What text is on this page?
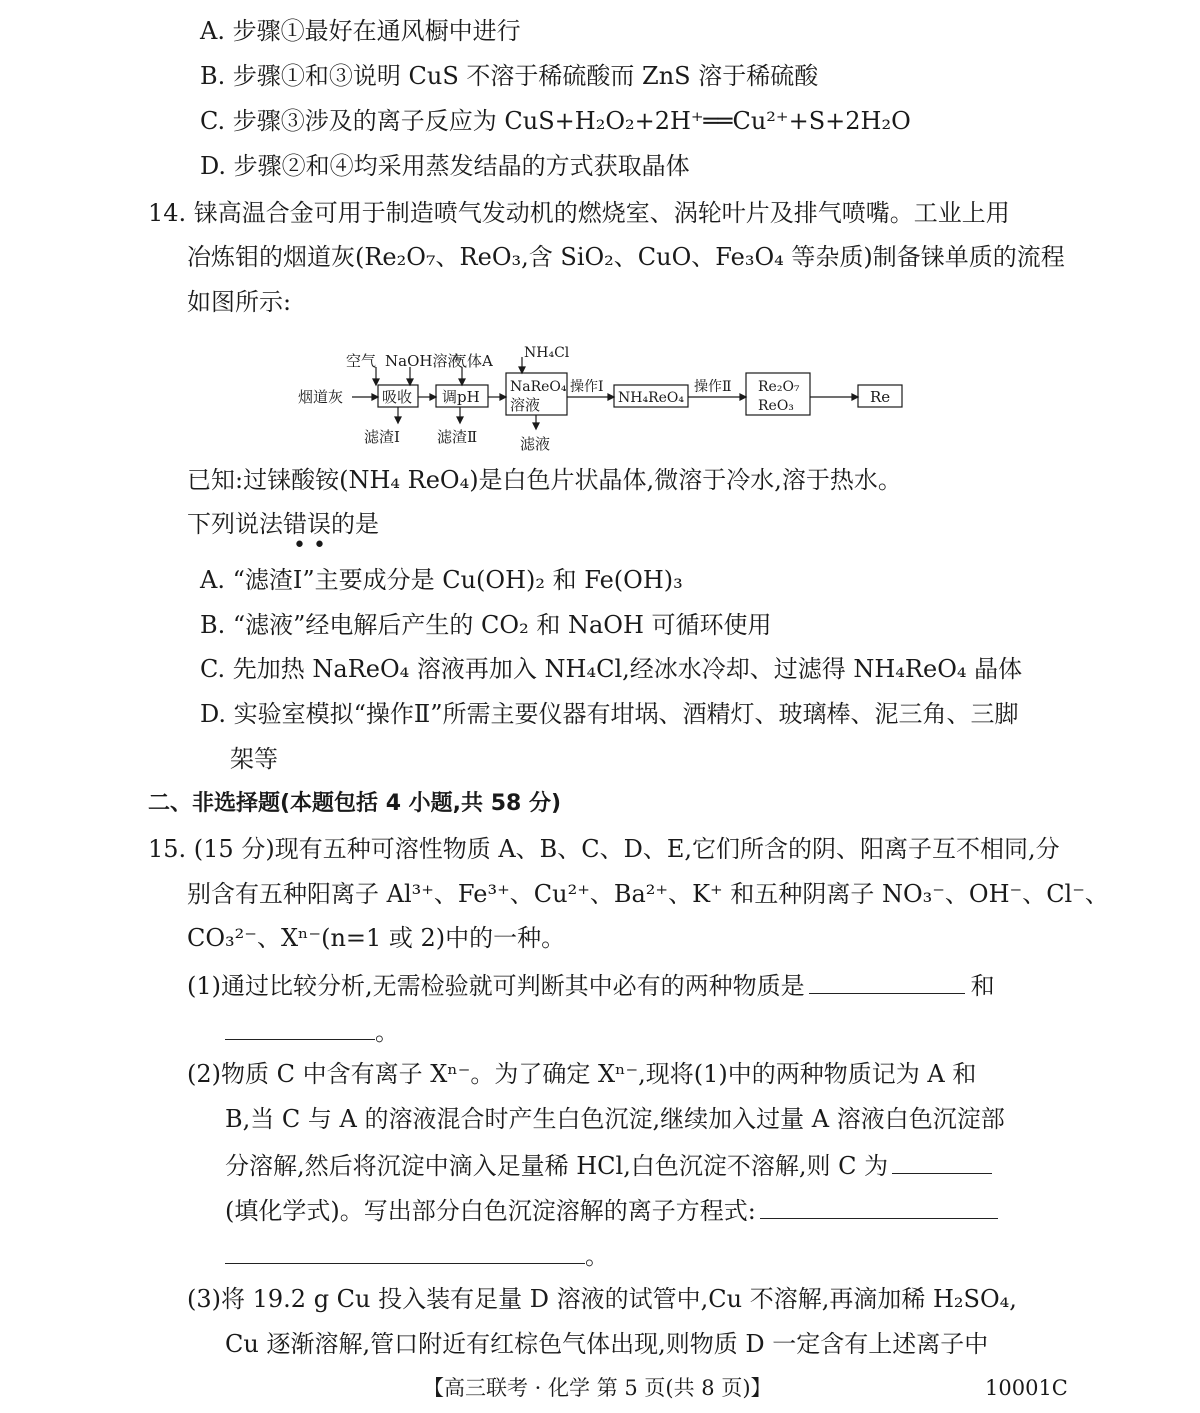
A. 步骤①最好在通风橱中进行
B. 步骤①和③说明 CuS 不溶于稀硫酸而 ZnS 溶于稀硫酸
C. 步骤③涉及的离子反应为 CuS+H₂O₂+2H⁺══Cu²⁺+S+2H₂O
D. 步骤②和④均采用蒸发结晶的方式获取晶体
14. 铼高温合金可用于制造喷气发动机的燃烧室、涡轮叶片及排气喷嘴。工业上用
冶炼钼的烟道灰(Re₂O₇、ReO₃,含 SiO₂、CuO、Fe₃O₄ 等杂质)制备铼单质的流程
如图所示:
空气 NaOH溶液
气体A NH₄Cl
烟道灰	吸收 调pH
NaReO₄
溶液
操作Ⅰ
NH₄ReO₄
操作Ⅱ Re₂O₇
ReO₃	Re
滤渣Ⅰ 滤渣Ⅱ	滤液
已知:过铼酸铵(NH₄ ReO₄)是白色片状晶体,微溶于冷水,溶于热水。
下列说法错误的是
• •
A. “滤渣Ⅰ”主要成分是 Cu(OH)₂ 和 Fe(OH)₃
B. “滤液”经电解后产生的 CO₂ 和 NaOH 可循环使用
C. 先加热 NaReO₄ 溶液再加入 NH₄Cl,经冰水冷却、过滤得 NH₄ReO₄ 晶体
D. 实验室模拟“操作Ⅱ”所需主要仪器有坩埚、酒精灯、玻璃棒、泥三角、三脚
架等
二、非选择题(本题包括 4 小题,共 58 分)
15. (15 分)现有五种可溶性物质 A、B、C、D、E,它们所含的阴、阳离子互不相同,分
别含有五种阳离子 Al³⁺、Fe³⁺、Cu²⁺、Ba²⁺、K⁺ 和五种阴离子 NO₃⁻、OH⁻、Cl⁻、
CO₃²⁻、Xⁿ⁻(n=1 或 2)中的一种。
(1)通过比较分析,无需检验就可判断其中必有的两种物质是	和
。
(2)物质 C 中含有离子 Xⁿ⁻。为了确定 Xⁿ⁻,现将(1)中的两种物质记为 A 和
B,当 C 与 A 的溶液混合时产生白色沉淀,继续加入过量 A 溶液白色沉淀部
分溶解,然后将沉淀中滴入足量稀 HCl,白色沉淀不溶解,则 C 为
(填化学式)。写出部分白色沉淀溶解的离子方程式:
。
(3)将 19.2 g Cu 投入装有足量 D 溶液的试管中,Cu 不溶解,再滴加稀 H₂SO₄,
Cu 逐渐溶解,管口附近有红棕色气体出现,则物质 D 一定含有上述离子中
【高三联考 · 化学 第 5 页(共 8 页)】	10001C
